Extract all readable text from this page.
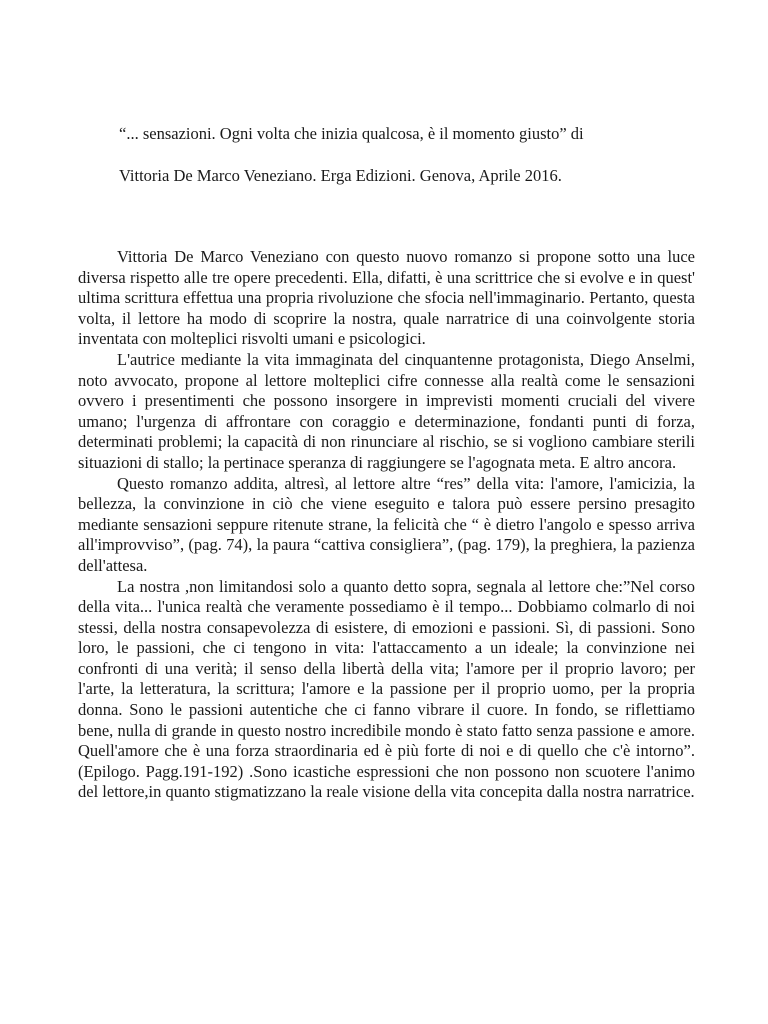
“... sensazioni. Ogni volta che inizia qualcosa, è il momento giusto” di

Vittoria De Marco Veneziano. Erga Edizioni. Genova, Aprile 2016.

Vittoria De Marco Veneziano con questo nuovo romanzo si propone sotto una luce diversa rispetto alle tre opere precedenti. Ella, difatti, è una scrittrice che si evolve e in quest' ultima scrittura effettua una propria rivoluzione che sfocia nell'immaginario. Pertanto, questa volta, il lettore ha modo di scoprire la nostra, quale narratrice di una coinvolgente storia inventata con molteplici risvolti umani e psicologici.

L'autrice mediante la vita immaginata del cinquantenne protagonista, Diego Anselmi, noto avvocato, propone al lettore molteplici cifre connesse alla realtà come le sensazioni ovvero i presentimenti che possono insorgere in imprevisti momenti cruciali del vivere umano; l'urgenza di affrontare con coraggio e determinazione, fondanti punti di forza, determinati problemi; la capacità di non rinunciare al rischio, se si vogliono cambiare sterili situazioni di stallo; la pertinace speranza di raggiungere se l'agognata meta. E altro ancora.

Questo romanzo addita, altresì, al lettore altre “res” della vita: l'amore, l'amicizia, la bellezza, la convinzione in ciò che viene eseguito e talora può essere persino presagito mediante sensazioni seppure ritenute strane, la felicità che “ è dietro l'angolo e spesso arriva all'improvviso”, (pag. 74), la paura “cattiva consigliera”, (pag. 179), la preghiera, la pazienza dell'attesa.

La nostra ,non limitandosi solo a quanto detto sopra, segnala al lettore che:”Nel corso della vita... l'unica realtà che veramente possediamo è il tempo... Dobbiamo colmarlo di noi stessi, della nostra consapevolezza di esistere, di emozioni e passioni. Sì, di passioni. Sono loro, le passioni, che ci tengono in vita: l'attaccamento a un ideale; la convinzione nei confronti di una verità; il senso della libertà della vita; l'amore per il proprio lavoro; per l'arte, la letteratura, la scrittura; l'amore e la passione per il proprio uomo, per la propria donna. Sono le passioni autentiche che ci fanno vibrare il cuore. In fondo, se riflettiamo bene, nulla di grande in questo nostro incredibile mondo è stato fatto senza passione e amore. Quell'amore che è una forza straordinaria ed è più forte di noi e di quello che c'è intorno”. (Epilogo. Pagg.191-192) .Sono icastiche espressioni che non possono non scuotere l'animo del lettore,in quanto stigmatizzano la reale visione della vita concepita dalla nostra narratrice.
